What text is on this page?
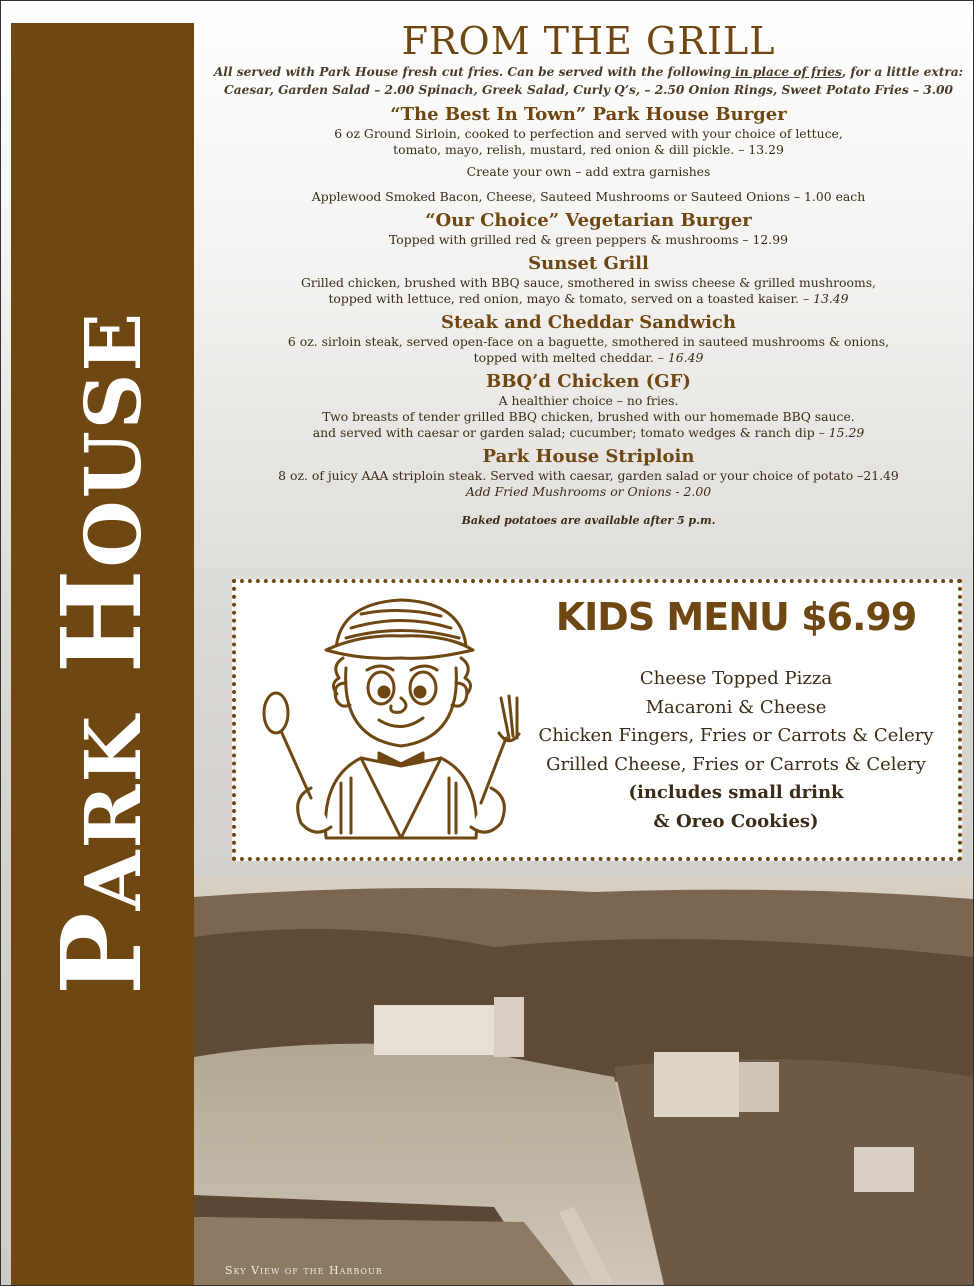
Park House
FROM THE GRILL
All served with Park House fresh cut fries. Can be served with the following in place of fries, for a little extra:
Caesar, Garden Salad – 2.00 Spinach, Greek Salad, Curly Q’s, – 2.50 Onion Rings, Sweet Potato Fries – 3.00
“The Best In Town” Park House Burger
6 oz Ground Sirloin, cooked to perfection and served with your choice of lettuce,
tomato, mayo, relish, mustard, red onion & dill pickle. – 13.29
Create your own – add extra garnishes
Applewood Smoked Bacon, Cheese, Sauteed Mushrooms or Sauteed Onions – 1.00 each
“Our Choice” Vegetarian Burger
Topped with grilled red & green peppers & mushrooms – 12.99
Sunset Grill
Grilled chicken, brushed with BBQ sauce, smothered in swiss cheese & grilled mushrooms,
topped with lettuce, red onion, mayo & tomato, served on a toasted kaiser. – 13.49
Steak and Cheddar Sandwich
6 oz. sirloin steak, served open-face on a baguette, smothered in sauteed mushrooms & onions,
topped with melted cheddar. – 16.49
BBQ’d Chicken (GF)
A healthier choice – no fries.
Two breasts of tender grilled BBQ chicken, brushed with our homemade BBQ sauce.
and served with caesar or garden salad; cucumber; tomato wedges & ranch dip – 15.29
Park House Striploin
8 oz. of juicy AAA striploin steak. Served with caesar, garden salad or your choice of potato –21.49
Add Fried Mushrooms or Onions - 2.00
Baked potatoes are available after 5 p.m.
KIDS MENU $6.99
Cheese Topped Pizza
Macaroni & Cheese
Chicken Fingers, Fries or Carrots & Celery
Grilled Cheese, Fries or Carrots & Celery
(includes small drink
& Oreo Cookies)
Sky View of the Harbour
